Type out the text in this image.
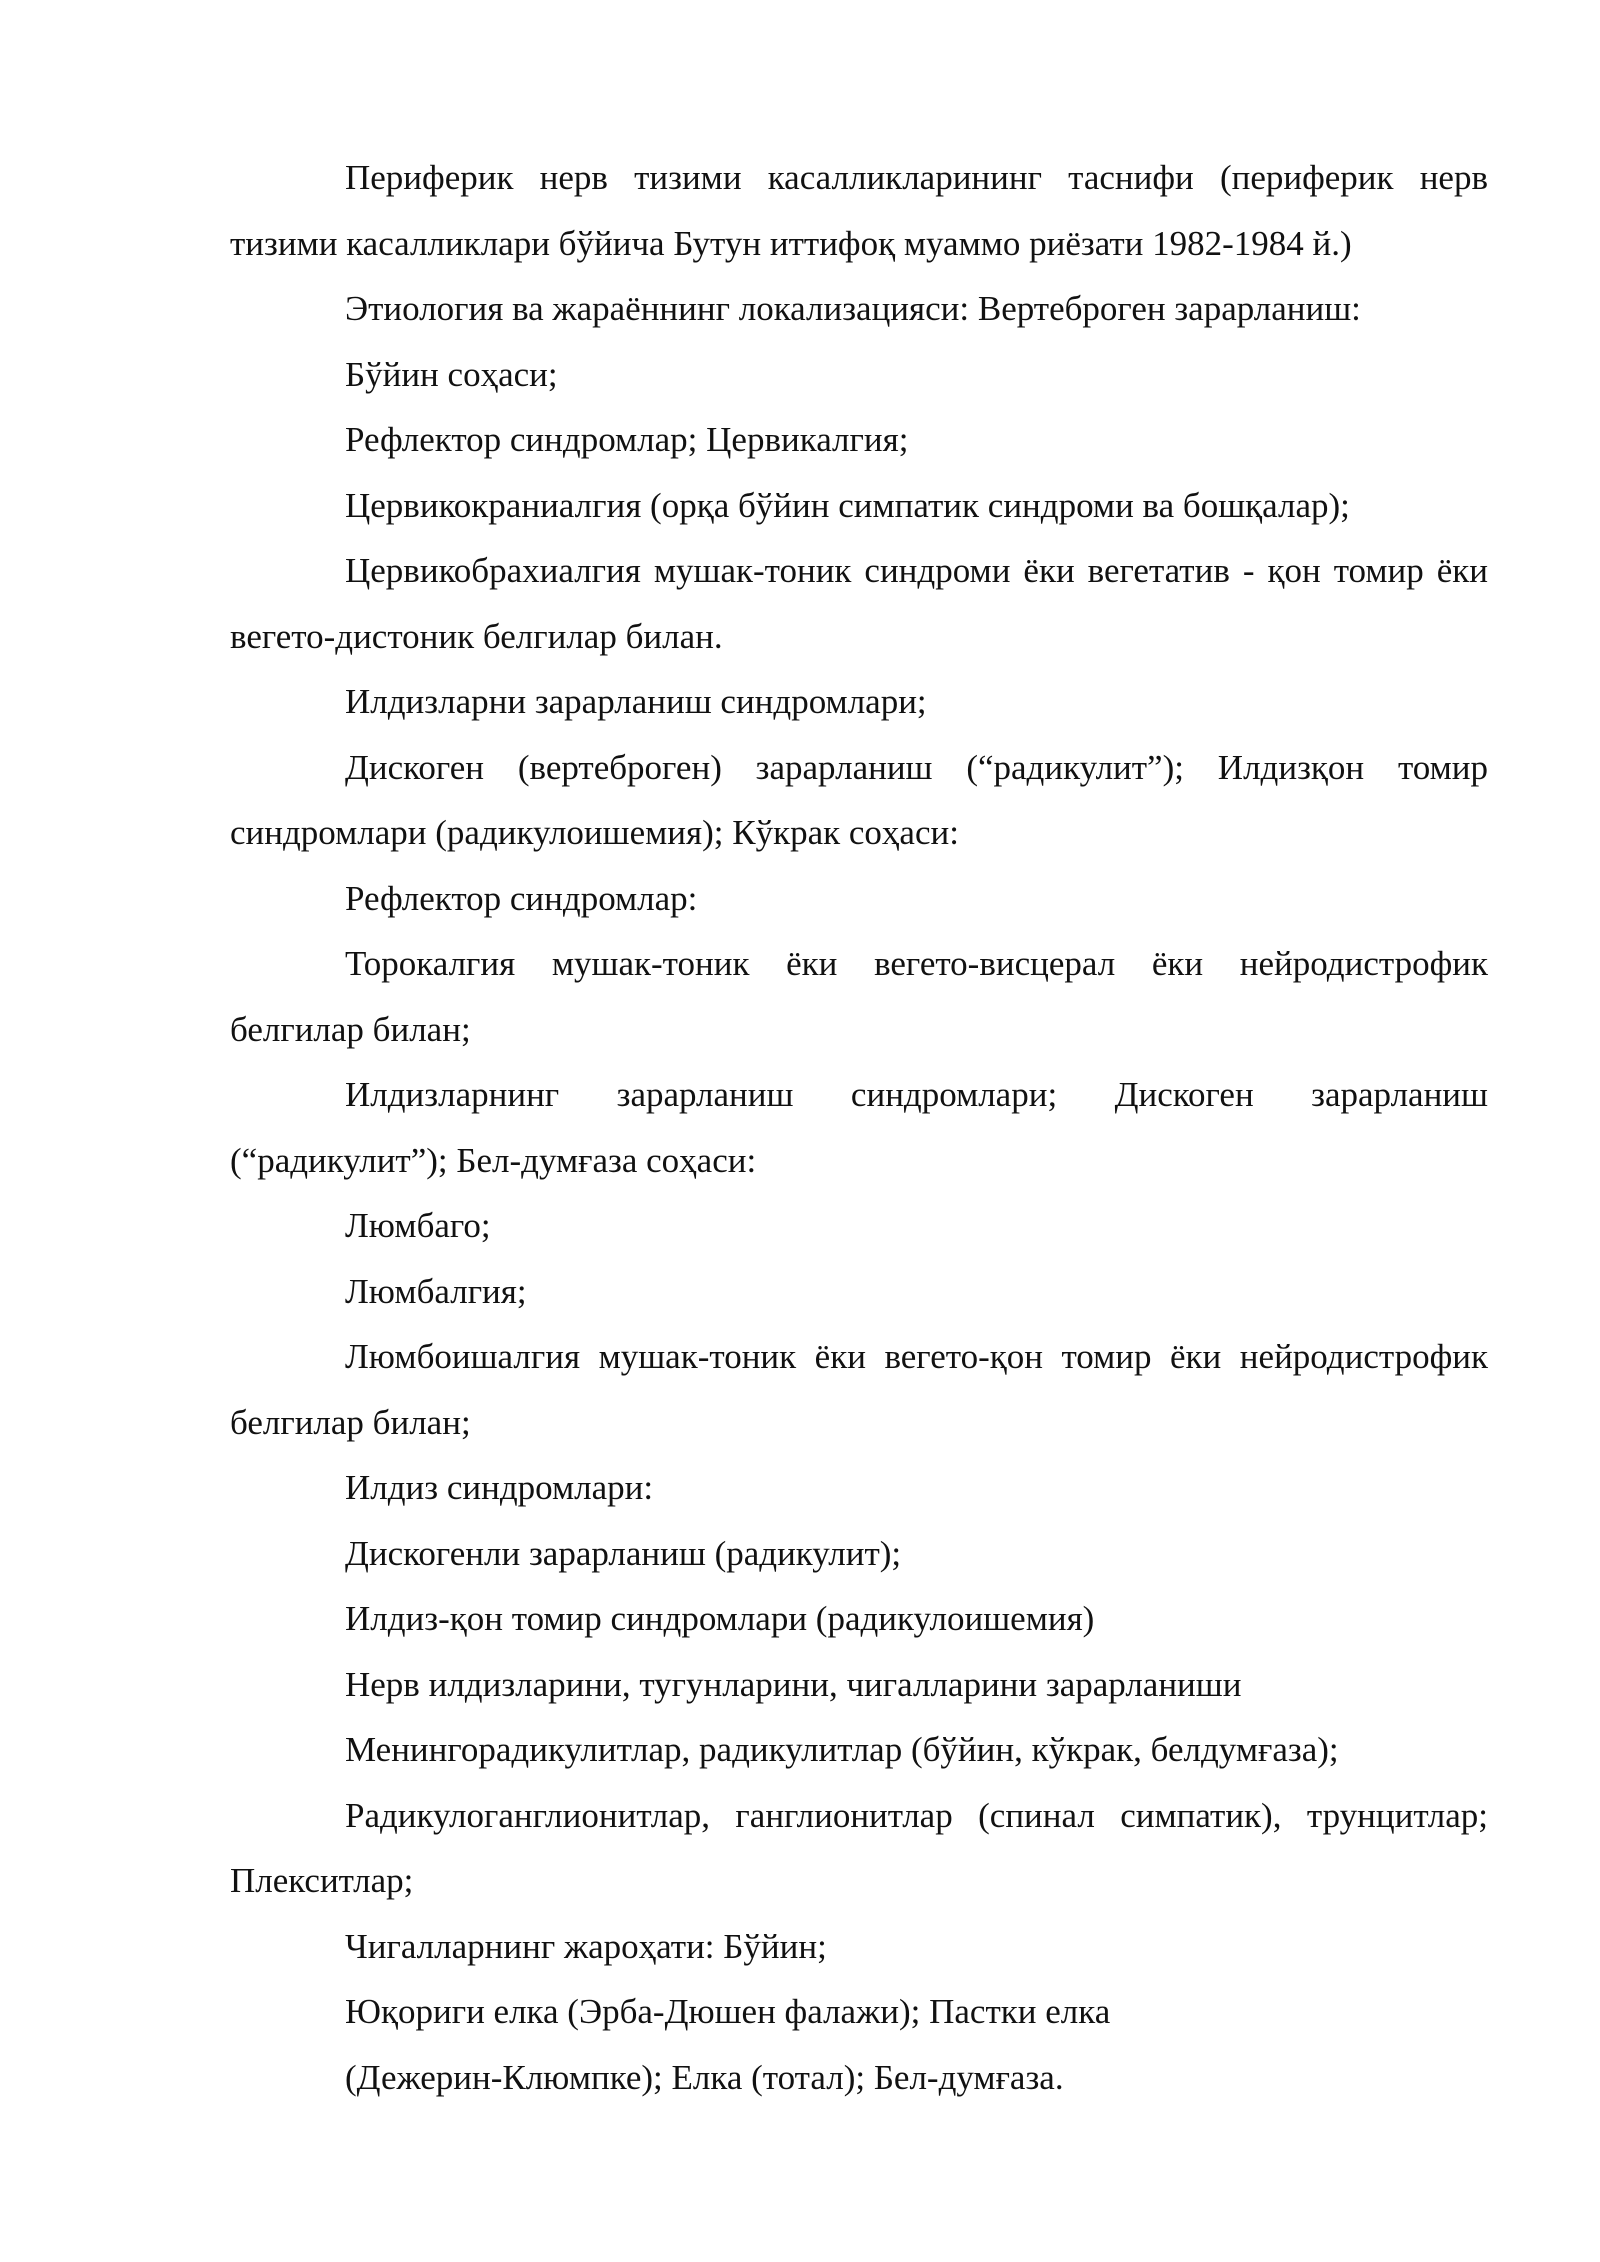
Периферик нерв тизими касалликларининг таснифи (периферик нерв тизими касалликлари бўйича Бутун иттифоқ муаммо риёзати 1982-1984 й.)

Этиология ва жараённинг локализацияси: Вертеброген зарарланиш:

Бўйин соҳаси;

Рефлектор синдромлар; Цервикалгия;

Цервикокраниалгия (орқа бўйин симпатик синдроми ва бошқалар);

Цервикобрахиалгия мушак-тоник синдроми ёки вегетатив - қон томир ёки вегето-дистоник белгилар билан.

Илдизларни зарарланиш синдромлари;

Дискоген (вертеброген) зарарланиш (“радикулит”); Илдизқон томир синдромлари (радикулоишемия); Кўкрак соҳаси:

Рефлектор синдромлар:

Торокалгия мушак-тоник ёки вегето-висцерал ёки нейродистрофик белгилар билан;

Илдизларнинг зарарланиш синдромлари; Дискоген зарарланиш (“радикулит”); Бел-думғаза соҳаси:

Люмбаго;

Люмбалгия;

Люмбоишалгия мушак-тоник ёки вегето-қон томир ёки нейродистрофик белгилар билан;

Илдиз синдромлари:

Дискогенли зарарланиш (радикулит);

Илдиз-қон томир синдромлари (радикулоишемия)

Нерв илдизларини, тугунларини, чигалларини зарарланиши

Менингорадикулитлар, радикулитлар (бўйин, кўкрак, белдумғаза);

Радикулоганглионитлар, ганглионитлар (спинал симпатик), трунцитлар; Плекситлар;

Чигалларнинг жароҳати: Бўйин;

Юқориги елка (Эрба-Дюшен фалажи); Пастки елка

(Дежерин-Клюмпке); Елка (тотал); Бел-думғаза.
